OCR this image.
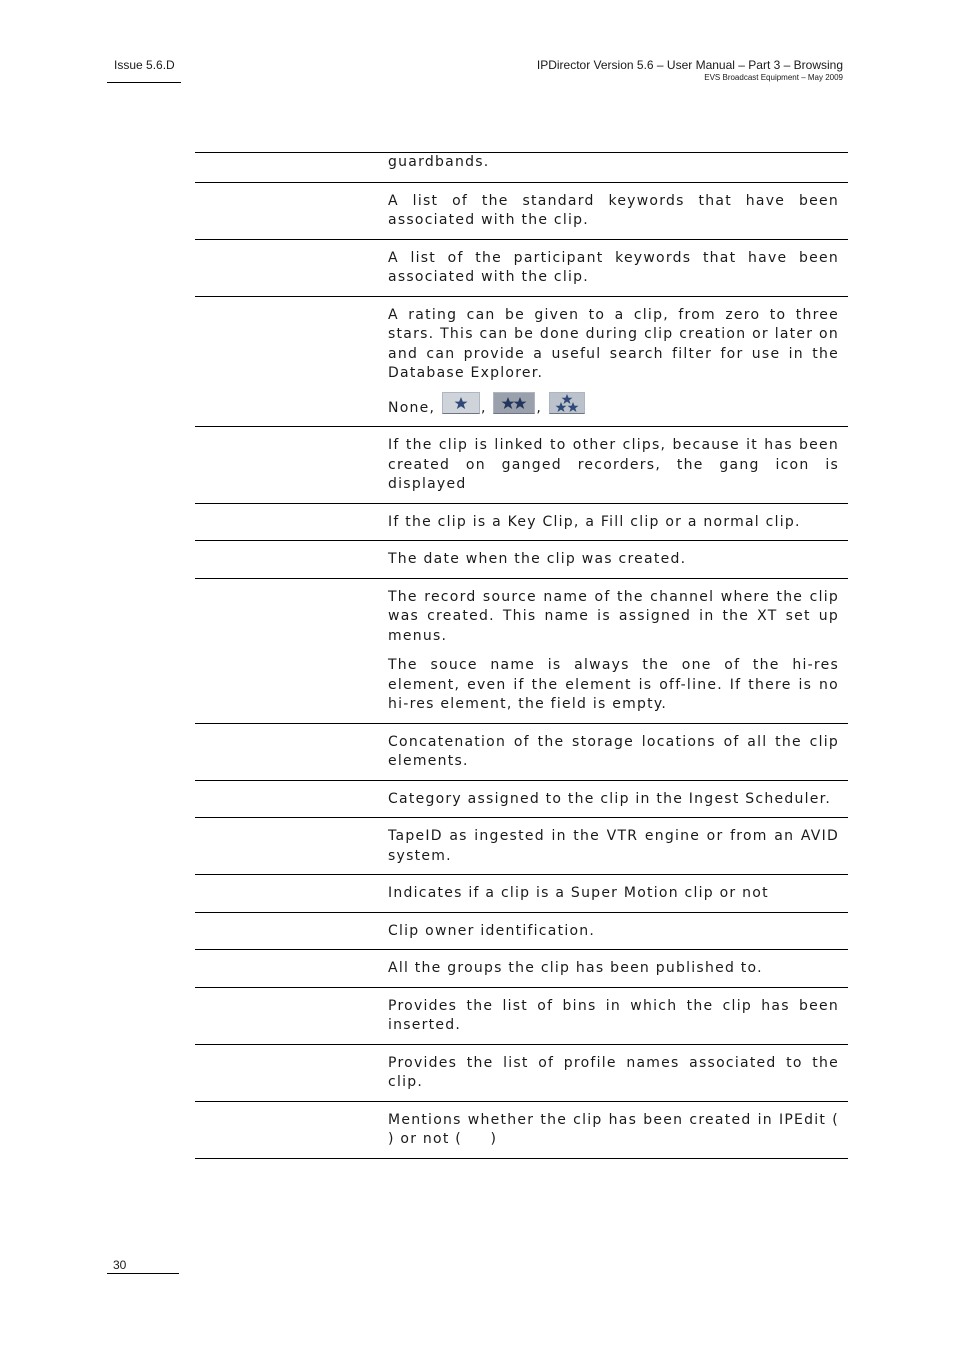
Issue 5.6.D	IPDirector Version 5.6 – User Manual – Part 3 – Browsing
EVS Broadcast Equipment – May 2009

guardbands.

A list of the standard keywords that have been associated with the clip.

A list of the participant keywords that have been associated with the clip.

A rating can be given to a clip, from zero to three stars. This can be done during clip creation or later on and can provide a useful search filter for use in the Database Explorer.

None,	,	,

If the clip is linked to other clips, because it has been created on ganged recorders, the gang icon is displayed

If the clip is a Key Clip, a Fill clip or a normal clip.

The date when the clip was created.

The record source name of the channel where the clip was created. This name is assigned in the XT set up menus.

The souce name is always the one of the hi-res element, even if the element is off-line. If there is no hi-res element, the field is empty.

Concatenation of the storage locations of all the clip elements.

Category assigned to the clip in the Ingest Scheduler.

TapeID as ingested in the VTR engine or from an AVID system.

Indicates if a clip is a Super Motion clip or not

Clip owner identification.

All the groups the clip has been published to.

Provides the list of bins in which the clip has been inserted.

Provides the list of profile names associated to the clip.

Mentions whether the clip has been created in IPEdit (      ) or not (     )

30
